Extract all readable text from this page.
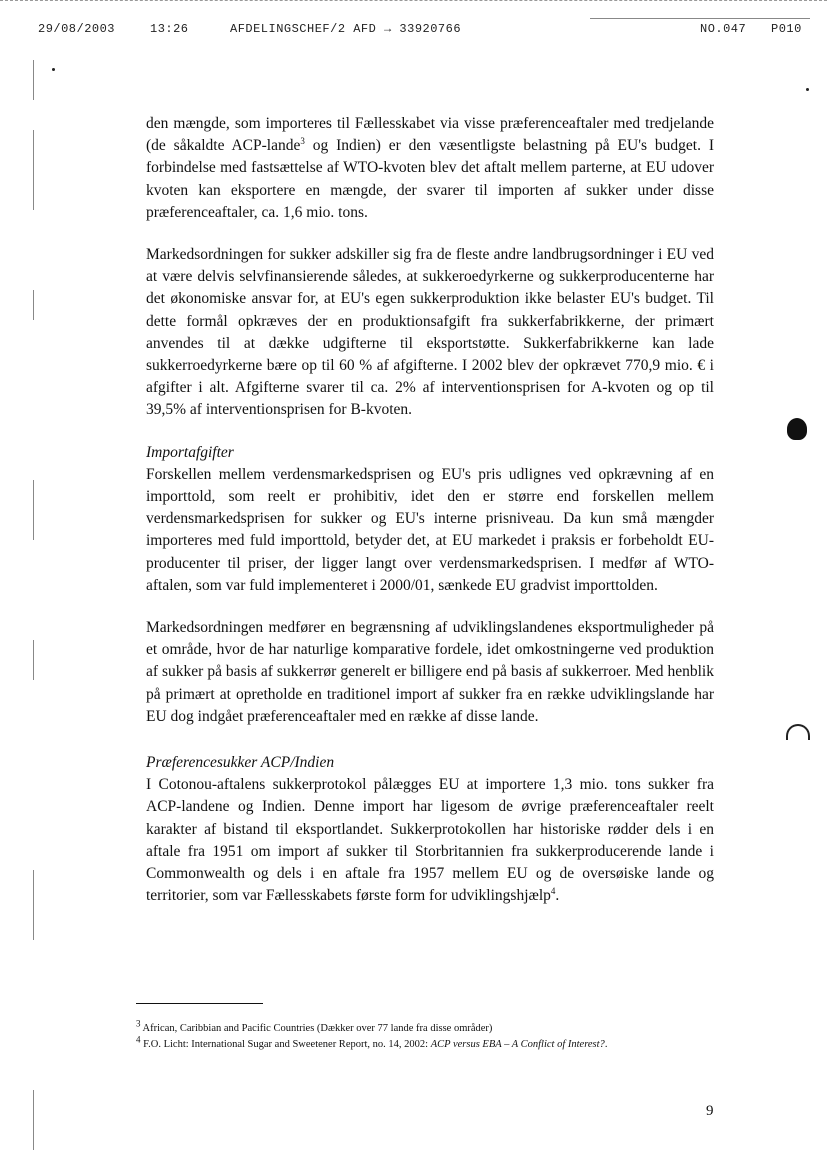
29/08/2003	13:26	AFDELINGSCHEF/2 AFD → 33920766	NO.047 P010

den mængde, som importeres til Fællesskabet via visse præferenceaftaler med tredjelande (de såkaldte ACP-lande$^3$ og Indien) er den væsentligste belastning på EU's budget. I forbindelse med fastsættelse af WTO-kvoten blev det aftalt mellem parterne, at EU udover kvoten kan eksportere en mængde, der svarer til importen af sukker under disse præferenceaftaler, ca. 1,6 mio. tons.

Markedsordningen for sukker adskiller sig fra de fleste andre landbrugsordninger i EU ved at være delvis selvfinansierende således, at sukkeroedyrkerne og sukkerproducenterne har det økonomiske ansvar for, at EU's egen sukkerproduktion ikke belaster EU's budget. Til dette formål opkræves der en produktionsafgift fra sukkerfabrikkerne, der primært anvendes til at dække udgifterne til eksportstøtte. Sukkerfabrikkerne kan lade sukkerroedyrkerne bære op til 60 % af afgifterne. I 2002 blev der opkrævet 770,9 mio. € i afgifter i alt. Afgifterne svarer til ca. 2% af interventionsprisen for A-kvoten og op til 39,5% af interventionsprisen for B-kvoten.

Importafgifter

Forskellen mellem verdensmarkedsprisen og EU's pris udlignes ved opkrævning af en importtold, som reelt er prohibitiv, idet den er større end forskellen mellem verdensmarkedsprisen for sukker og EU's interne prisniveau. Da kun små mængder importeres med fuld importtold, betyder det, at EU markedet i praksis er forbeholdt EU-producenter til priser, der ligger langt over verdensmarkedsprisen. I medfør af WTO-aftalen, som var fuld implementeret i 2000/01, sænkede EU gradvist importtolden.

Markedsordningen medfører en begrænsning af udviklingslandenes eksportmuligheder på et område, hvor de har naturlige komparative fordele, idet omkostningerne ved produktion af sukker på basis af sukkerrør generelt er billigere end på basis af sukkerroer. Med henblik på primært at opretholde en traditionel import af sukker fra en række udviklingslande har EU dog indgået præferenceaftaler med en række af disse lande.

Præferencesukker ACP/Indien

I Cotonou-aftalens sukkerprotokol pålægges EU at importere 1,3 mio. tons sukker fra ACP-landene og Indien. Denne import har ligesom de øvrige præferenceaftaler reelt karakter af bistand til eksportlandet. Sukkerprotokollen har historiske rødder dels i en aftale fra 1951 om import af sukker til Storbritannien fra sukkerproducerende lande i Commonwealth og dels i en aftale fra 1957 mellem EU og de oversøiske lande og territorier, som var Fællesskabets første form for udviklingshjælp$^4$.

$^3$ African, Caribbian and Pacific Countries (Dækker over 77 lande fra disse områder)

$^4$ F.O. Licht: International Sugar and Sweetener Report, no. 14, 2002: ACP versus EBA – A Conflict of Interest?.

9
